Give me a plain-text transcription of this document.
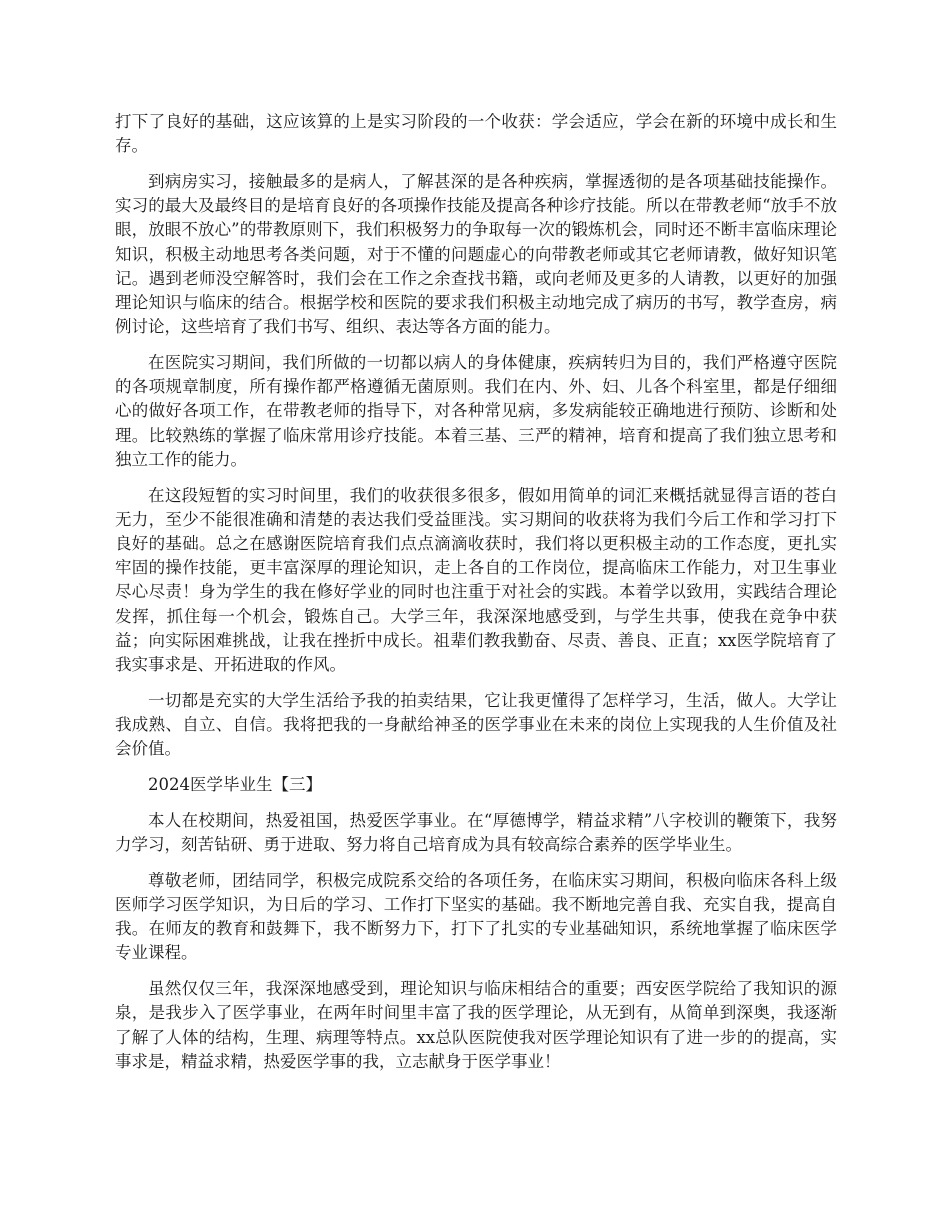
打下了良好的基础，这应该算的上是实习阶段的一个收获：学会适应，学会在新的环境中成长和生存。

到病房实习，接触最多的是病人，了解甚深的是各种疾病，掌握透彻的是各项基础技能操作。实习的最大及最终目的是培育良好的各项操作技能及提高各种诊疗技能。所以在带教老师“放手不放眼，放眼不放心”的带教原则下，我们积极努力的争取每一次的锻炼机会，同时还不断丰富临床理论知识，积极主动地思考各类问题，对于不懂的问题虚心的向带教老师或其它老师请教，做好知识笔记。遇到老师没空解答时，我们会在工作之余查找书籍，或向老师及更多的人请教，以更好的加强理论知识与临床的结合。根据学校和医院的要求我们积极主动地完成了病历的书写，教学查房，病例讨论，这些培育了我们书写、组织、表达等各方面的能力。

在医院实习期间，我们所做的一切都以病人的身体健康，疾病转归为目的，我们严格遵守医院的各项规章制度，所有操作都严格遵循无菌原则。我们在内、外、妇、儿各个科室里，都是仔细细心的做好各项工作，在带教老师的指导下，对各种常见病，多发病能较正确地进行预防、诊断和处理。比较熟练的掌握了临床常用诊疗技能。本着三基、三严的精神，培育和提高了我们独立思考和独立工作的能力。

在这段短暂的实习时间里，我们的收获很多很多，假如用简单的词汇来概括就显得言语的苍白无力，至少不能很准确和清楚的表达我们受益匪浅。实习期间的收获将为我们今后工作和学习打下良好的基础。总之在感谢医院培育我们点点滴滴收获时，我们将以更积极主动的工作态度，更扎实牢固的操作技能，更丰富深厚的理论知识，走上各自的工作岗位，提高临床工作能力，对卫生事业尽心尽责！身为学生的我在修好学业的同时也注重于对社会的实践。本着学以致用，实践结合理论发挥，抓住每一个机会，锻炼自己。大学三年，我深深地感受到，与学生共事，使我在竞争中获益；向实际困难挑战，让我在挫折中成长。祖辈们教我勤奋、尽责、善良、正直；xx医学院培育了我实事求是、开拓进取的作风。

一切都是充实的大学生活给予我的拍卖结果，它让我更懂得了怎样学习，生活，做人。大学让我成熟、自立、自信。我将把我的一身献给神圣的医学事业在未来的岗位上实现我的人生价值及社会价值。

2024医学毕业生【三】

本人在校期间，热爱祖国，热爱医学事业。在“厚德博学，精益求精”八字校训的鞭策下，我努力学习，刻苦钻研、勇于进取、努力将自己培育成为具有较高综合素养的医学毕业生。

尊敬老师，团结同学，积极完成院系交给的各项任务，在临床实习期间，积极向临床各科上级医师学习医学知识，为日后的学习、工作打下坚实的基础。我不断地完善自我、充实自我，提高自我。在师友的教育和鼓舞下，我不断努力下，打下了扎实的专业基础知识，系统地掌握了临床医学专业课程。

虽然仅仅三年，我深深地感受到，理论知识与临床相结合的重要；西安医学院给了我知识的源泉，是我步入了医学事业，在两年时间里丰富了我的医学理论，从无到有，从简单到深奥，我逐渐了解了人体的结构，生理、病理等特点。xx总队医院使我对医学理论知识有了进一步的的提高，实事求是，精益求精，热爱医学事的我，立志献身于医学事业！
